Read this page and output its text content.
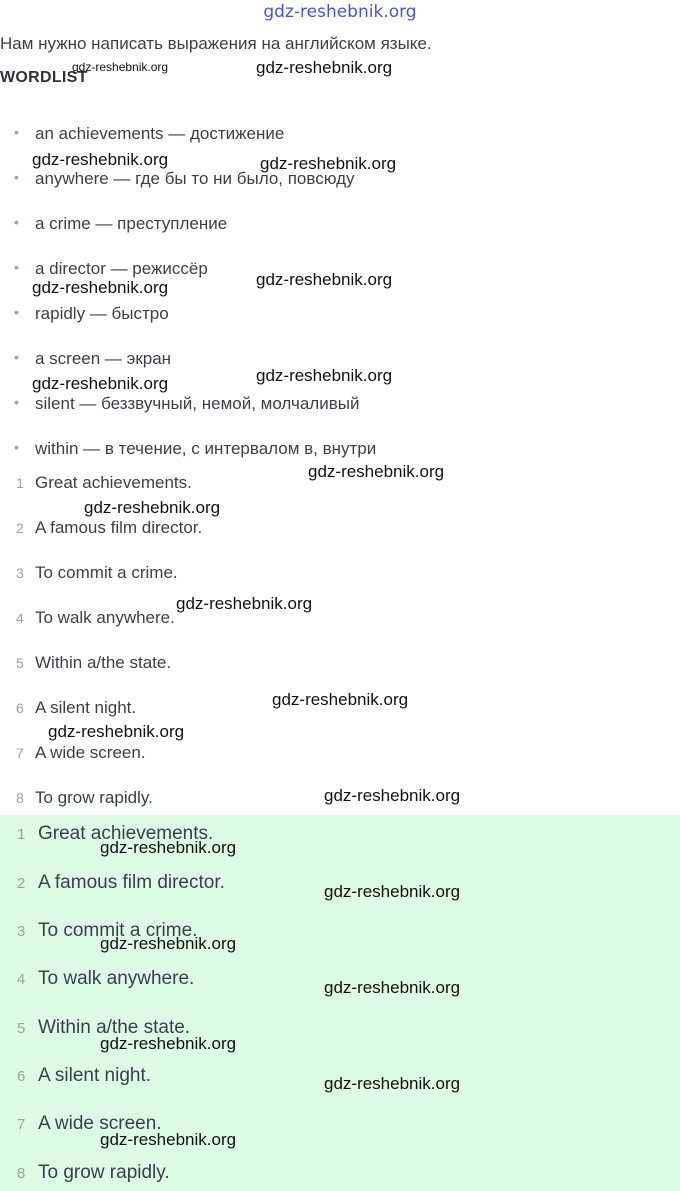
gdz-reshebnik.org
Нам нужно написать выражения на английском языке.
WORDLIST
• an achievements — достижение
• anywhere — где бы то ни было, повсюду
• a crime — преступление
• a director — режиссёр
• rapidly — быстро
• a screen — экран
• silent — беззвучный, немой, молчаливый
• within — в течение, с интервалом в, внутри
1 Great achievements.
2 A famous film director.
3 To commit a crime.
4 To walk anywhere.
5 Within a/the state.
6 A silent night.
7 A wide screen.
8 To grow rapidly.
1 Great achievements.
2 A famous film director.
3 To commit a crime.
4 To walk anywhere.
5 Within a/the state.
6 A silent night.
7 A wide screen.
8 To grow rapidly.
gdz-reshebnik.org	gdz-reshebnik.org
gdz-reshebnik.org	gdz-reshebnik.org
gdz-reshebnik.org
gdz-reshebnik.org
gdz-reshebnik.org
gdz-reshebnik.org
gdz-reshebnik.org
gdz-reshebnik.org
gdz-reshebnik.org
gdz-reshebnik.org
gdz-reshebnik.org
gdz-reshebnik.org
gdz-reshebnik.org
gdz-reshebnik.org
gdz-reshebnik.org
gdz-reshebnik.org
gdz-reshebnik.org
gdz-reshebnik.org
gdz-reshebnik.org
